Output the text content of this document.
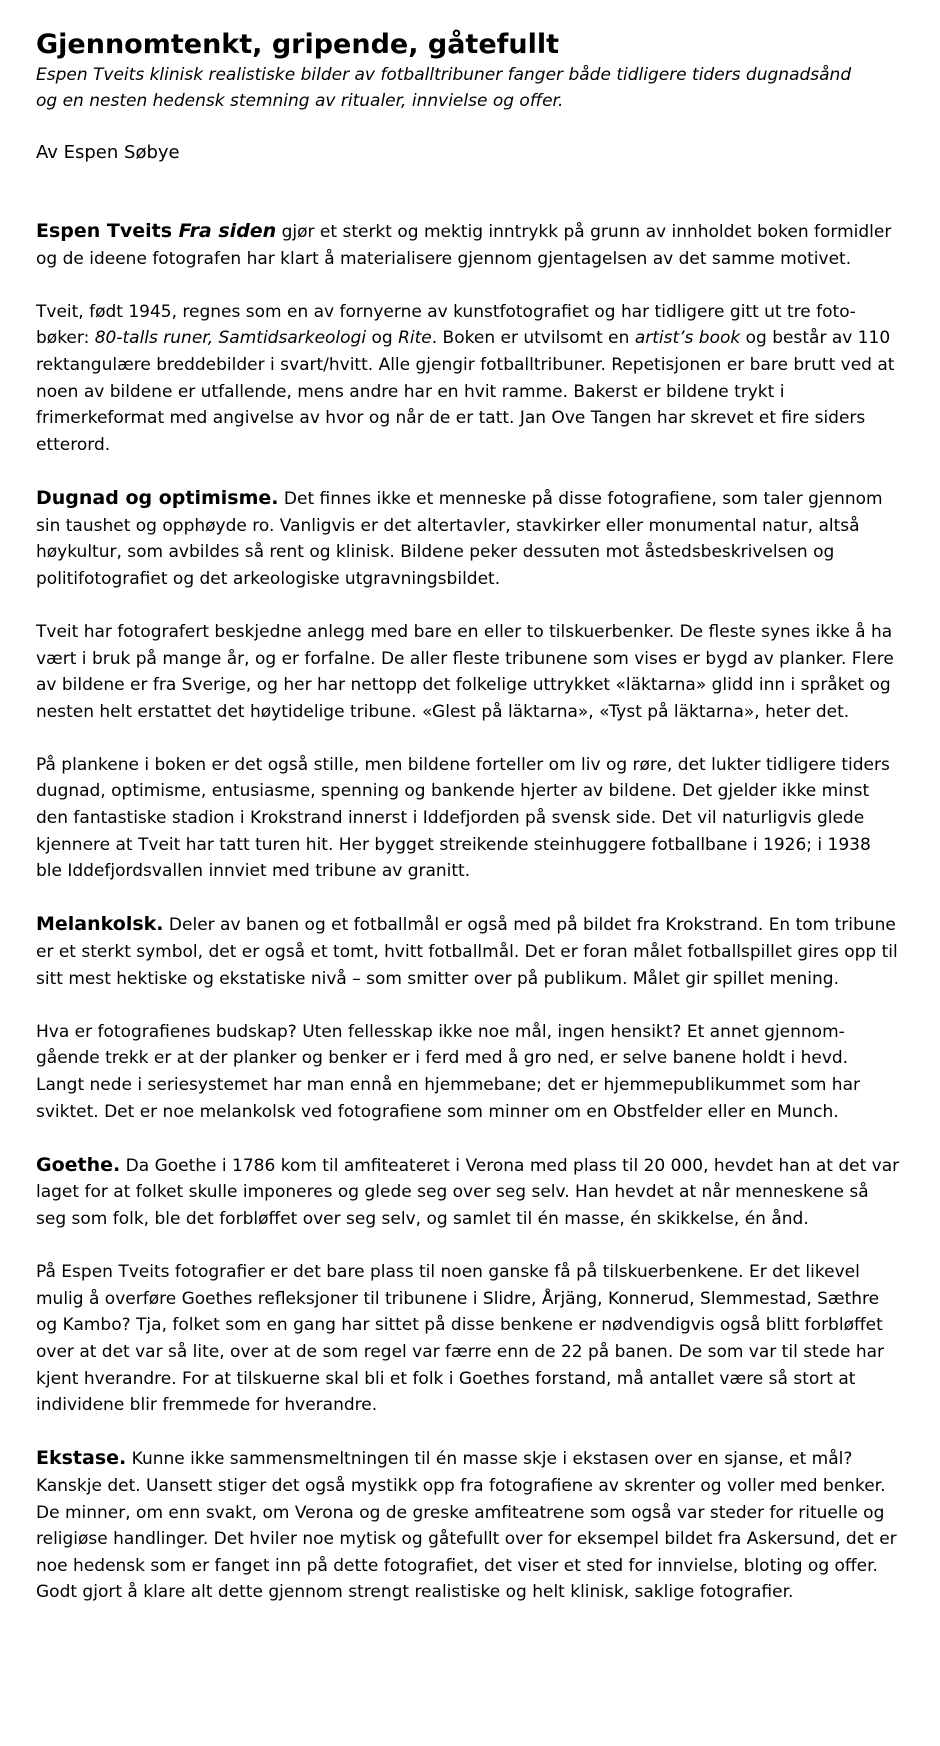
Gjennomtenkt, gripende, gåtefullt

Espen Tveits klinisk realistiske bilder av fotballtribuner fanger både tidligere tiders dugnadsånd
og en nesten hedensk stemning av ritualer, innvielse og offer.

Av Espen Søbye

Espen Tveits Fra siden gjør et sterkt og mektig inntrykk på grunn av innholdet boken formidler og de ideene fotografen har klart å materialisere gjennom gjentagelsen av det samme motivet.

Tveit, født 1945, regnes som en av fornyerne av kunstfotografiet og har tidligere gitt ut tre fotobøker: 80-talls runer, Samtidsarkeologi og Rite. Boken er utvilsomt en artist’s book og består av 110 rektangulære breddebilder i svart/hvitt. Alle gjengir fotballtribuner. Repetisjonen er bare brutt ved at noen av bildene er utfallende, mens andre har en hvit ramme. Bakerst er bildene trykt i frimerkeformat med angivelse av hvor og når de er tatt. Jan Ove Tangen har skrevet et fire siders etterord.

Dugnad og optimisme. Det finnes ikke et menneske på disse fotografiene, som taler gjennom sin taushet og opphøyde ro. Vanligvis er det altertavler, stavkirker eller monumental natur, altså høykultur, som avbildes så rent og klinisk. Bildene peker dessuten mot åstedsbeskrivelsen og politifotografiet og det arkeologiske utgravningsbildet.

Tveit har fotografert beskjedne anlegg med bare en eller to tilskuerbenker. De fleste synes ikke å ha vært i bruk på mange år, og er forfalne. De aller fleste tribunene som vises er bygd av planker. Flere av bildene er fra Sverige, og her har nettopp det folkelige uttrykket «läktarna» glidd inn i språket og nesten helt erstattet det høytidelige tribune. «Glest på läktarna», «Tyst på läktarna», heter det.

På plankene i boken er det også stille, men bildene forteller om liv og røre, det lukter tidligere tiders dugnad, optimisme, entusiasme, spenning og bankende hjerter av bildene. Det gjelder ikke minst den fantastiske stadion i Krokstrand innerst i Iddefjorden på svensk side. Det vil naturligvis glede kjennere at Tveit har tatt turen hit. Her bygget streikende steinhuggere fotballbane i 1926; i 1938 ble Iddefjordsvallen innviet med tribune av granitt.

Melankolsk. Deler av banen og et fotballmål er også med på bildet fra Krokstrand. En tom tribune er et sterkt symbol, det er også et tomt, hvitt fotballmål. Det er foran målet fotballspillet gires opp til sitt mest hektiske og ekstatiske nivå – som smitter over på publikum. Målet gir spillet mening.

Hva er fotografienes budskap? Uten fellesskap ikke noe mål, ingen hensikt? Et annet gjennomgående trekk er at der planker og benker er i ferd med å gro ned, er selve banene holdt i hevd. Langt nede i seriesystemet har man ennå en hjemmebane; det er hjemmepublikummet som har sviktet. Det er noe melankolsk ved fotografiene som minner om en Obstfelder eller en Munch.

Goethe. Da Goethe i 1786 kom til amfiteateret i Verona med plass til 20 000, hevdet han at det var laget for at folket skulle imponeres og glede seg over seg selv. Han hevdet at når menneskene så seg som folk, ble det forbløffet over seg selv, og samlet til én masse, én skikkelse, én ånd.

På Espen Tveits fotografier er det bare plass til noen ganske få på tilskuerbenkene. Er det likevel mulig å overføre Goethes refleksjoner til tribunene i Slidre, Årjäng, Konnerud, Slemmestad, Sæthre og Kambo? Tja, folket som en gang har sittet på disse benkene er nødvendigvis også blitt forbløffet over at det var så lite, over at de som regel var færre enn de 22 på banen. De som var til stede har kjent hverandre. For at tilskuerne skal bli et folk i Goethes forstand, må antallet være så stort at individene blir fremmede for hverandre.

Ekstase. Kunne ikke sammensmeltningen til én masse skje i ekstasen over en sjanse, et mål? Kanskje det. Uansett stiger det også mystikk opp fra fotografiene av skrenter og voller med benker. De minner, om enn svakt, om Verona og de greske amfiteatrene som også var steder for rituelle og religiøse handlinger. Det hviler noe mytisk og gåtefullt over for eksempel bildet fra Askersund, det er noe hedensk som er fanget inn på dette fotografiet, det viser et sted for innvielse, bloting og offer. Godt gjort å klare alt dette gjennom strengt realistiske og helt klinisk, saklige fotografier.
